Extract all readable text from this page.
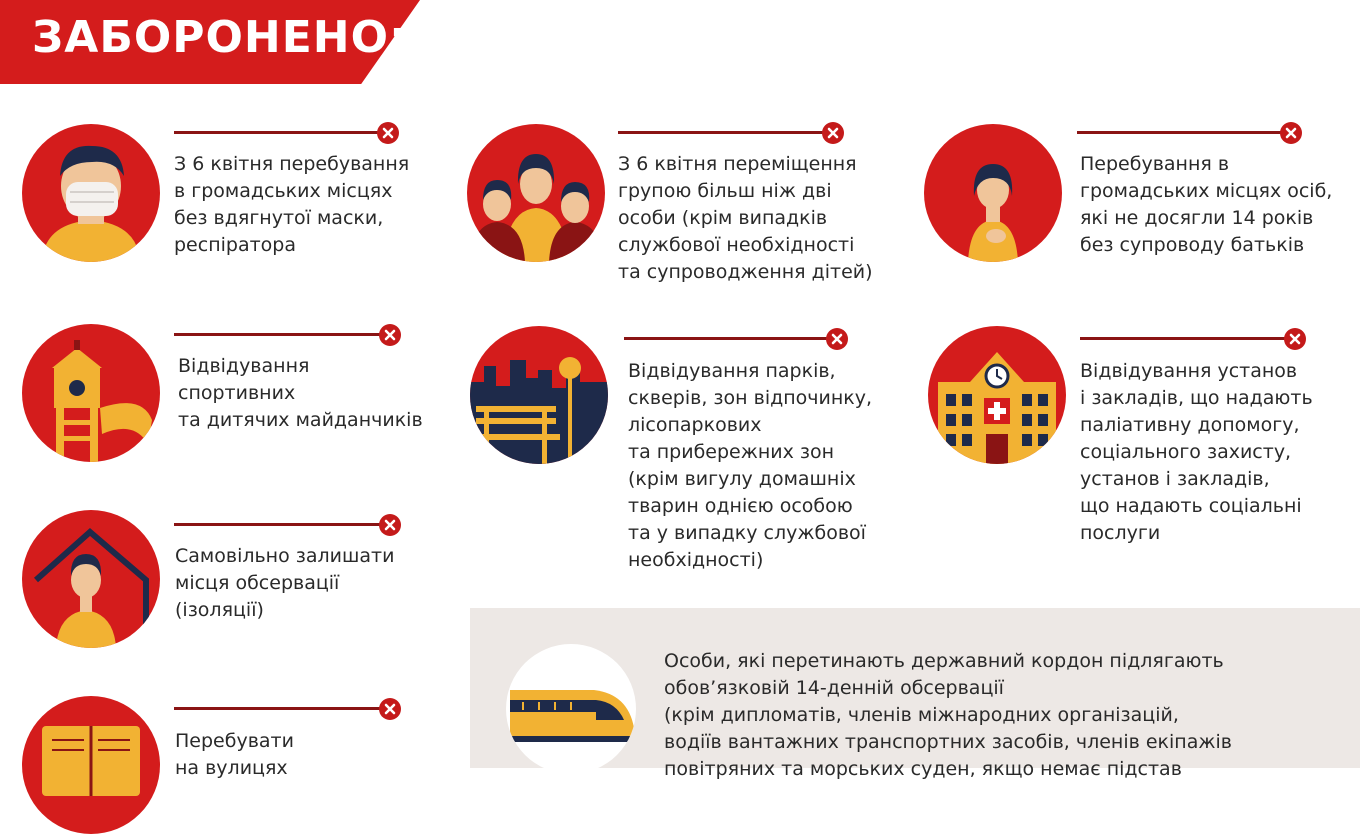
ЗАБОРОНЕНО:
З 6 квітня перебування
в громадських місцях
без вдягнутої маски,
респіратора
З 6 квітня переміщення
групою більш ніж дві
особи (крім випадків
службової необхідності
та супроводження дітей)
Перебування в
громадських місцях осіб,
які не досягли 14 років
без супроводу батьків
Відвідування
спортивних
та дитячих майданчиків
Відвідування парків,
скверів, зон відпочинку,
лісопаркових
та прибережних зон
(крім вигулу домашніх
тварин однією особою
та у випадку службової
необхідності)
Відвідування установ
і закладів, що надають
паліативну допомогу,
соціального захисту,
установ і закладів,
що надають соціальні
послуги
Самовільно залишати
місця обсервації
(ізоляції)
Перебувати
на вулицях
Особи, які перетинають державний кордон підлягають
обов’язковій 14-денній обсервації
(крім дипломатів, членів міжнародних організацій,
водіїв вантажних транспортних засобів, членів екіпажів
повітряних та морських суден, якщо немає підстав
